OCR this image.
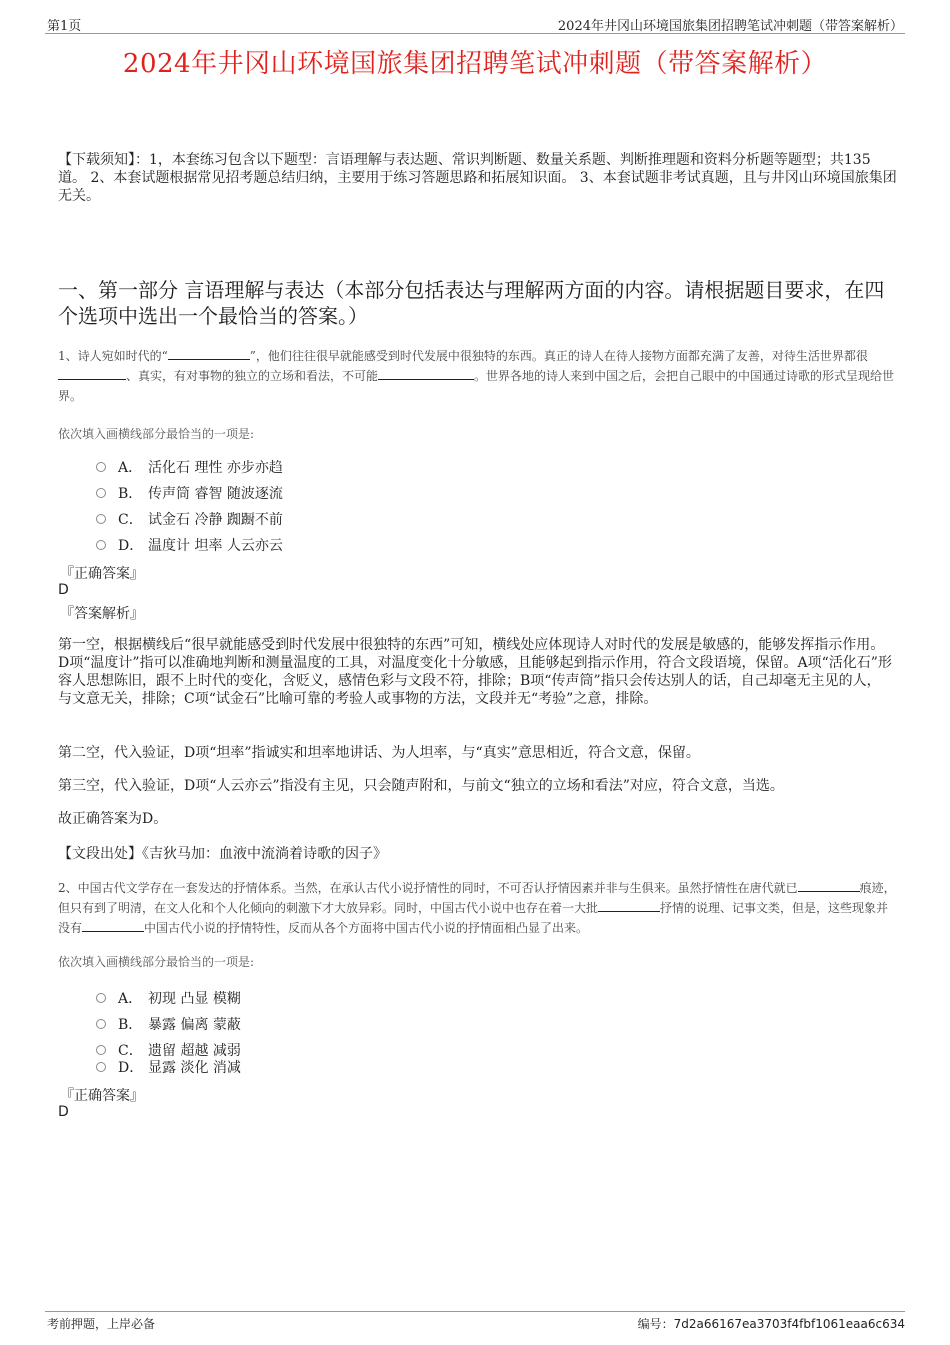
第1页	2024年井冈山环境国旅集团招聘笔试冲刺题（带答案解析）
2024年井冈山环境国旅集团招聘笔试冲刺题（带答案解析）
【下载须知】：1，本套练习包含以下题型：言语理解与表达题、常识判断题、数量关系题、判断推理题和资料分析题等题型；共135道。 2、本套试题根据常见招考题总结归纳，主要用于练习答题思路和拓展知识面。 3、本套试题非考试真题，且与井冈山环境国旅集团无关。
一、第一部分 言语理解与表达（本部分包括表达与理解两方面的内容。请根据题目要求，在四个选项中选出一个最恰当的答案。）
1、诗人宛如时代的“	”，他们往往很早就能感受到时代发展中很独特的东西。真正的诗人在待人接物方面都充满了友善，对待生活世界都很、真实，有对事物的独立的立场和看法，不可能	。世界各地的诗人来到中国之后，会把自己眼中的中国通过诗歌的形式呈现给世界。
依次填入画横线部分最恰当的一项是:
A． 活化石 理性 亦步亦趋
B． 传声筒 睿智 随波逐流
C． 试金石 冷静 踟蹰不前
D． 温度计 坦率 人云亦云
『正确答案』
D
『答案解析』
第一空，根据横线后“很早就能感受到时代发展中很独特的东西”可知，横线处应体现诗人对时代的发展是敏感的，能够发挥指示作用。D项“温度计”指可以准确地判断和测量温度的工具，对温度变化十分敏感，且能够起到指示作用，符合文段语境，保留。A项“活化石”形容人思想陈旧，跟不上时代的变化，含贬义，感情色彩与文段不符，排除；B项“传声筒”指只会传达别人的话，自己却毫无主见的人，与文意无关，排除；C项“试金石”比喻可靠的考验人或事物的方法，文段并无“考验”之意，排除。
第二空，代入验证，D项“坦率”指诚实和坦率地讲话、为人坦率，与“真实”意思相近，符合文意，保留。
第三空，代入验证，D项“人云亦云”指没有主见，只会随声附和，与前文“独立的立场和看法”对应，符合文意，当选。
故正确答案为D。
【文段出处】《吉狄马加：血液中流淌着诗歌的因子》
2、中国古代文学存在一套发达的抒情体系。当然，在承认古代小说抒情性的同时，不可否认抒情因素并非与生俱来。虽然抒情性在唐代就已	痕迹，但只有到了明清，在文人化和个人化倾向的刺激下才大放异彩。同时，中国古代小说中也存在着一大批	抒情的说理、记事文类，但是，这些现象并没有	中国古代小说的抒情特性，反而从各个方面将中国古代小说的抒情面相凸显了出来。
依次填入画横线部分最恰当的一项是:
A． 初现 凸显 模糊
B． 暴露 偏离 蒙蔽
C． 遗留 超越 减弱
D． 显露 淡化 消减
『正确答案』
D
考前押题，上岸必备	编号：7d2a66167ea3703f4fbf1061eaa6c634
